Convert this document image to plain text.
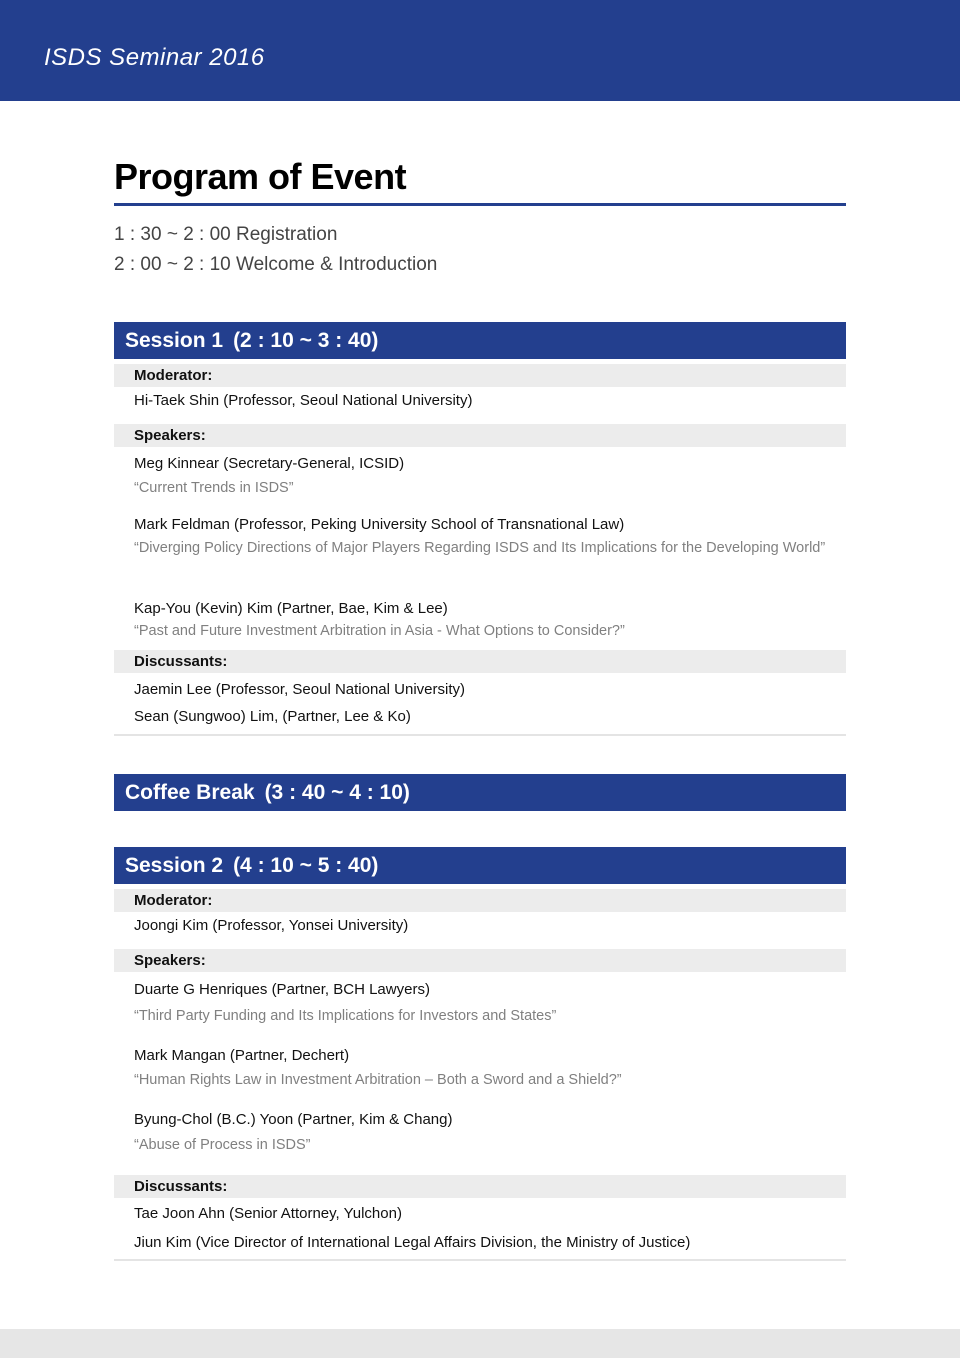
ISDS Seminar 2016
Program of Event
1 : 30 ~ 2 : 00 Registration
2 : 00 ~ 2 : 10 Welcome & Introduction
Session 1 (2 : 10 ~ 3 : 40)
Moderator:
Hi-Taek Shin (Professor, Seoul National University)
Speakers:
Meg Kinnear (Secretary-General, ICSID)
“Current Trends in ISDS”
Mark Feldman (Professor, Peking University School of Transnational Law)
“Diverging Policy Directions of Major Players Regarding ISDS and Its Implications for the Developing World”
Kap-You (Kevin) Kim (Partner, Bae, Kim & Lee)
“Past and Future Investment Arbitration in Asia - What Options to Consider?”
Discussants:
Jaemin Lee (Professor, Seoul National University)
Sean (Sungwoo) Lim, (Partner, Lee & Ko)
Coffee Break (3 : 40 ~ 4 : 10)
Session 2 (4 : 10 ~ 5 : 40)
Moderator:
Joongi Kim (Professor, Yonsei University)
Speakers:
Duarte G Henriques (Partner, BCH Lawyers)
“Third Party Funding and Its Implications for Investors and States”
Mark Mangan (Partner, Dechert)
“Human Rights Law in Investment Arbitration – Both a Sword and a Shield?”
Byung-Chol (B.C.) Yoon (Partner, Kim & Chang)
“Abuse of Process in ISDS”
Discussants:
Tae Joon Ahn (Senior Attorney, Yulchon)
Jiun Kim (Vice Director of International Legal Affairs Division, the Ministry of Justice)
